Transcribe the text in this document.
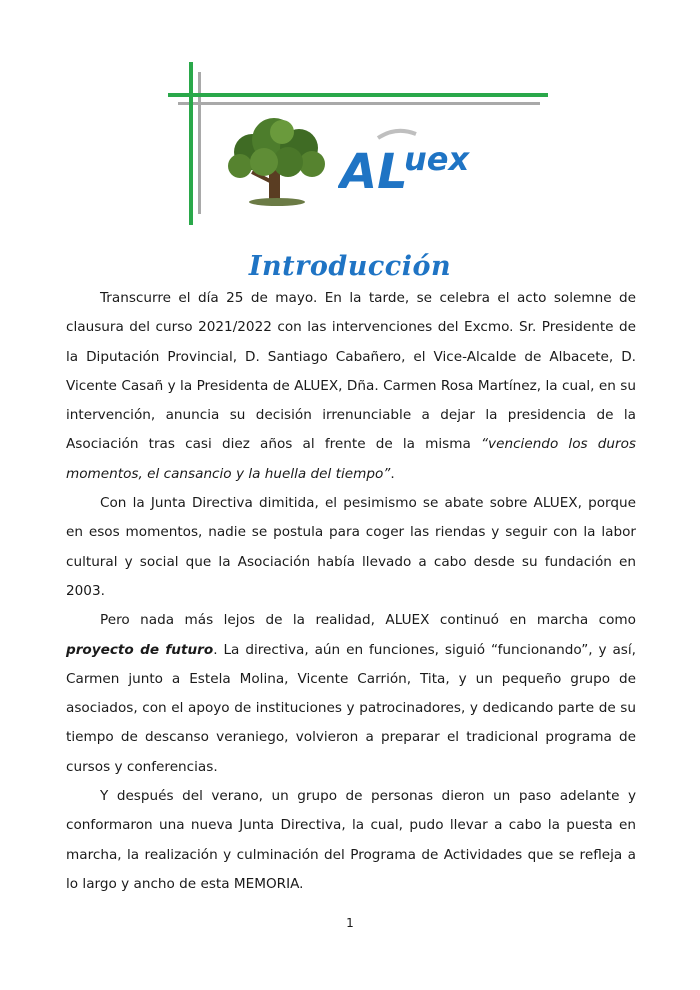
AL
uex
Introducción

Transcurre el día 25 de mayo. En la tarde, se celebra el acto solemne de clausura del curso 2021/2022 con las intervenciones del Excmo. Sr. Presidente de la Diputación Provincial, D. Santiago Cabañero, el Vice-Alcalde de Albacete, D. Vicente Casañ y la Presidenta de ALUEX, Dña. Carmen Rosa Martínez, la cual, en su intervención, anuncia su decisión irrenunciable a dejar la presidencia de la Asociación tras casi diez años al frente de la misma “venciendo los duros momentos, el cansancio y la huella del tiempo”.

Con la Junta Directiva dimitida, el pesimismo se abate sobre ALUEX, porque en esos momentos, nadie se postula para coger las riendas y seguir con la labor cultural y social que la Asociación había llevado a cabo desde su fundación en 2003.

Pero nada más lejos de la realidad, ALUEX continuó en marcha como proyecto de futuro. La directiva, aún en funciones, siguió “funcionando”, y así, Carmen junto a Estela Molina, Vicente Carrión, Tita, y un pequeño grupo de asociados, con el apoyo de instituciones y patrocinadores, y dedicando parte de su tiempo de descanso veraniego, volvieron a preparar el tradicional programa de cursos y conferencias.

Y después del verano, un grupo de personas dieron un paso adelante y conformaron una nueva Junta Directiva, la cual, pudo llevar a cabo la puesta en marcha, la realización y culminación del Programa de Actividades que se refleja a lo largo y ancho de esta MEMORIA.

1
